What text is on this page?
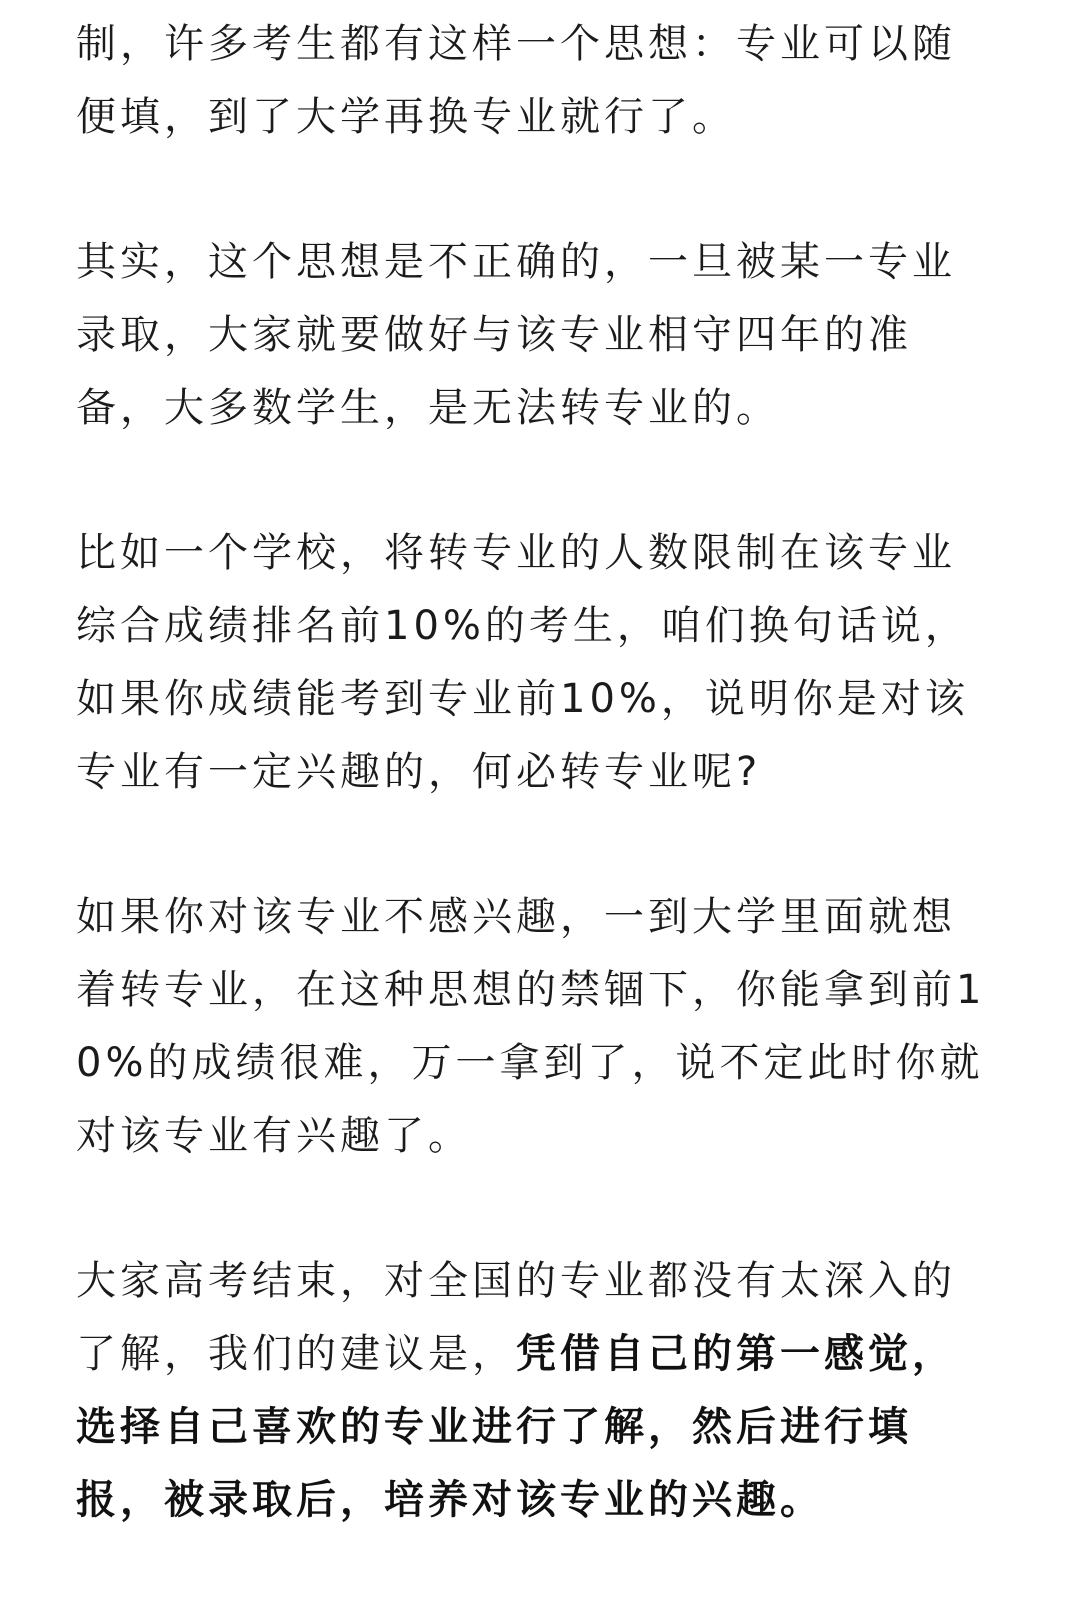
制，许多考生都有这样一个思想：专业可以随便填，到了大学再换专业就行了。

其实，这个思想是不正确的，一旦被某一专业录取，大家就要做好与该专业相守四年的准备，大多数学生，是无法转专业的。

比如一个学校，将转专业的人数限制在该专业综合成绩排名前10%的考生，咱们换句话说，如果你成绩能考到专业前10%，说明你是对该专业有一定兴趣的，何必转专业呢?

如果你对该专业不感兴趣，一到大学里面就想着转专业，在这种思想的禁锢下，你能拿到前10%的成绩很难，万一拿到了，说不定此时你就对该专业有兴趣了。

大家高考结束，对全国的专业都没有太深入的了解，我们的建议是，凭借自己的第一感觉，选择自己喜欢的专业进行了解，然后进行填报，被录取后，培养对该专业的兴趣。
